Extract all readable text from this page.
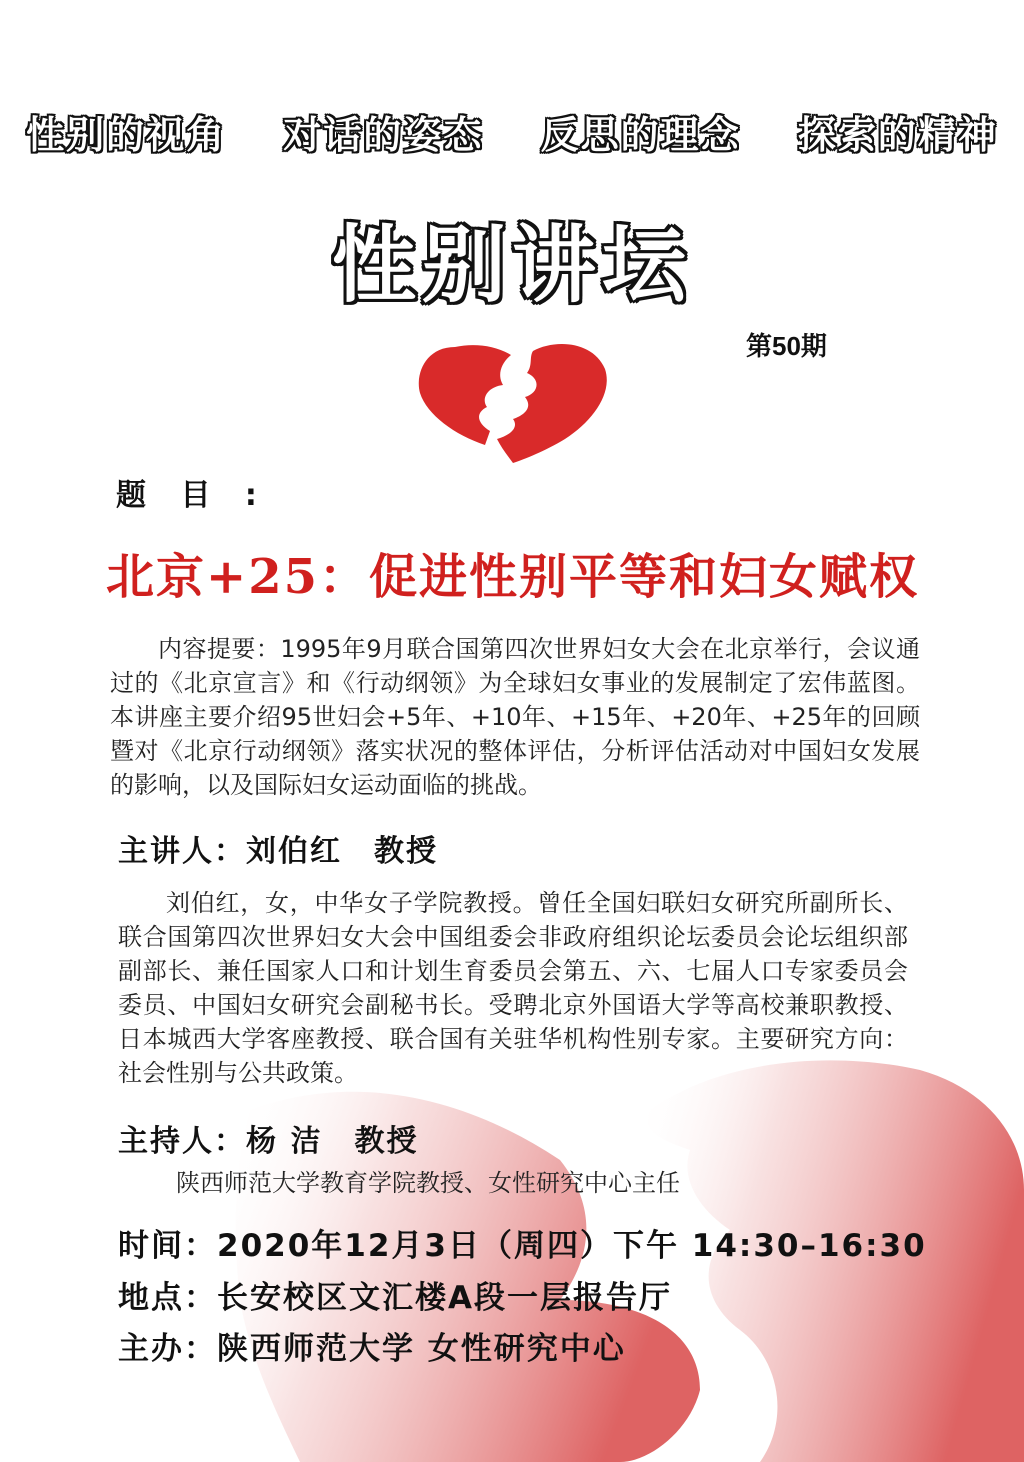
性别的视角 对话的姿态 反思的理念 探索的精神
性别讲坛
第50期
题 目 :
北京+25：促进性别平等和妇女赋权

内容提要：1995年9月联合国第四次世界妇女大会在北京举行，会议通过的《北京宣言》和《行动纲领》为全球妇女事业的发展制定了宏伟蓝图。本讲座主要介绍95世妇会+5年、+10年、+15年、+20年、+25年的回顾暨对《北京行动纲领》落实状况的整体评估，分析评估活动对中国妇女发展的影响，以及国际妇女运动面临的挑战。

主讲人：刘伯红　教授

刘伯红，女，中华女子学院教授。曾任全国妇联妇女研究所副所长、联合国第四次世界妇女大会中国组委会非政府组织论坛委员会论坛组织部副部长、兼任国家人口和计划生育委员会第五、六、七届人口专家委员会委员、中国妇女研究会副秘书长。受聘北京外国语大学等高校兼职教授、日本城西大学客座教授、联合国有关驻华机构性别专家。主要研究方向：社会性别与公共政策。

主持人：杨 洁　教授

陕西师范大学教育学院教授、女性研究中心主任

时间：2020年12月3日（周四）下午 14:30–16:30
地点：长安校区文汇楼A段一层报告厅
主办：陕西师范大学 女性研究中心
